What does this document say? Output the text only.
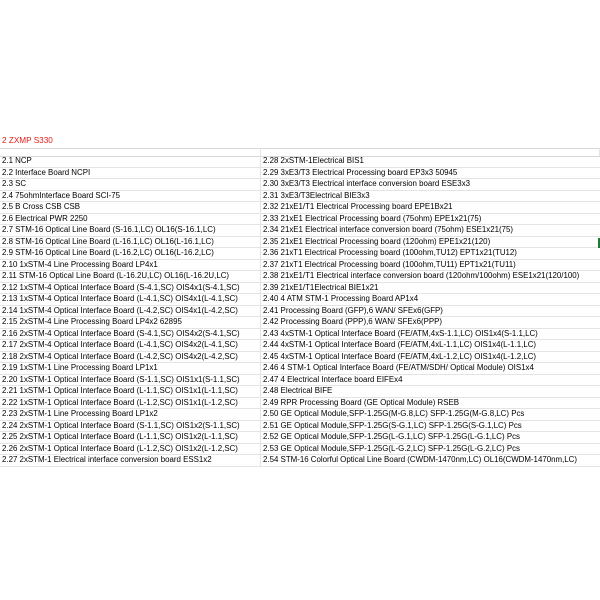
2 ZXMP S330
2.1 NCP	2.28 2xSTM-1Electrical BIS1
2.2 Interface Board NCPI	2.29 3xE3/T3 Electrical Processing board EP3x3 50945
2.3 SC	2.30 3xE3/T3 Electrical interface conversion board ESE3x3
2.4 75ohmInterface Board SCI-75	2.31 3xE3/T3Electrical BIE3x3
2.5 B Cross CSB CSB	2.32 21xE1/T1 Electrical Processing board EPE1Bx21
2.6 Electrical PWR 2250	2.33 21xE1 Electrical Processing board (75ohm) EPE1x21(75)
2.7 STM-16 Optical Line Board (S-16.1,LC) OL16(S-16.1,LC)	2.34 21xE1 Electrical interface conversion board (75ohm) ESE1x21(75)
2.8 STM-16 Optical Line Board (L-16.1,LC) OL16(L-16.1,LC)	2.35 21xE1 Electrical Processing board (120ohm) EPE1x21(120)
2.9 STM-16 Optical Line Board (L-16.2,LC) OL16(L-16.2,LC)	2.36 21xT1 Electrical Processing board (100ohm,TU12) EPT1x21(TU12)
2.10 1xSTM-4 Line Processing Board LP4x1	2.37 21xT1 Electrical Processing board (100ohm,TU11) EPT1x21(TU11)
2.11 STM-16 Optical Line Board (L-16.2U,LC) OL16(L-16.2U,LC)	2.38 21xE1/T1 Electrical interface conversion board (120ohm/100ohm) ESE1x21(120/100)
2.12 1xSTM-4 Optical Interface Board (S-4.1,SC) OIS4x1(S-4.1,SC)	2.39 21xE1/T1Electrical BIE1x21
2.13 1xSTM-4 Optical Interface Board (L-4.1,SC) OIS4x1(L-4.1,SC)	2.40 4 ATM STM-1 Processing Board AP1x4
2.14 1xSTM-4 Optical Interface Board (L-4.2,SC) OIS4x1(L-4.2,SC)	2.41 Processing Board (GFP),6 WAN/ SFEx6(GFP)
2.15 2xSTM-4 Line Processing Board LP4x2 62895	2.42 Processing Board (PPP),6 WAN/ SFEx6(PPP)
2.16 2xSTM-4 Optical Interface Board (S-4.1,SC) OIS4x2(S-4.1,SC)	2.43 4xSTM-1 Optical Interface Board (FE/ATM,4xS-1.1,LC) OIS1x4(S-1.1,LC)
2.17 2xSTM-4 Optical Interface Board (L-4.1,SC) OIS4x2(L-4.1,SC)	2.44 4xSTM-1 Optical Interface Board (FE/ATM,4xL-1.1,LC) OIS1x4(L-1.1,LC)
2.18 2xSTM-4 Optical Interface Board (L-4.2,SC) OIS4x2(L-4.2,SC)	2.45 4xSTM-1 Optical Interface Board (FE/ATM,4xL-1.2,LC) OIS1x4(L-1.2,LC)
2.19 1xSTM-1 Line Processing Board LP1x1	2.46 4 STM-1 Optical Interface Board (FE/ATM/SDH/ Optical Module) OIS1x4
2.20 1xSTM-1 Optical Interface Board (S-1.1,SC) OIS1x1(S-1.1,SC)	2.47 4 Electrical Interface board EIFEx4
2.21 1xSTM-1 Optical Interface Board (L-1.1,SC) OIS1x1(L-1.1,SC)	2.48 Electrical BIFE
2.22 1xSTM-1 Optical Interface Board (L-1.2,SC) OIS1x1(L-1.2,SC)	2.49 RPR Processing Board (GE Optical Module) RSEB
2.23 2xSTM-1 Line Processing Board LP1x2	2.50 GE Optical Module,SFP-1.25G(M-G.8,LC) SFP-1.25G(M-G.8,LC) Pcs
2.24 2xSTM-1 Optical Interface Board (S-1.1,SC) OIS1x2(S-1.1,SC)	2.51 GE Optical Module,SFP-1.25G(S-G.1,LC) SFP-1.25G(S-G.1,LC) Pcs
2.25 2xSTM-1 Optical Interface Board (L-1.1,SC) OIS1x2(L-1.1,SC)	2.52 GE Optical Module,SFP-1.25G(L-G.1,LC) SFP-1.25G(L-G.1,LC) Pcs
2.26 2xSTM-1 Optical Interface Board (L-1.2,SC) OIS1x2(L-1.2,SC)	2.53 GE Optical Module,SFP-1.25G(L-G.2,LC) SFP-1.25G(L-G.2,LC) Pcs
2.27 2xSTM-1 Electrical interface conversion board ESS1x2	2.54 STM-16 Colorful Optical Line Board (CWDM-1470nm,LC) OL16(CWDM-1470nm,LC)
